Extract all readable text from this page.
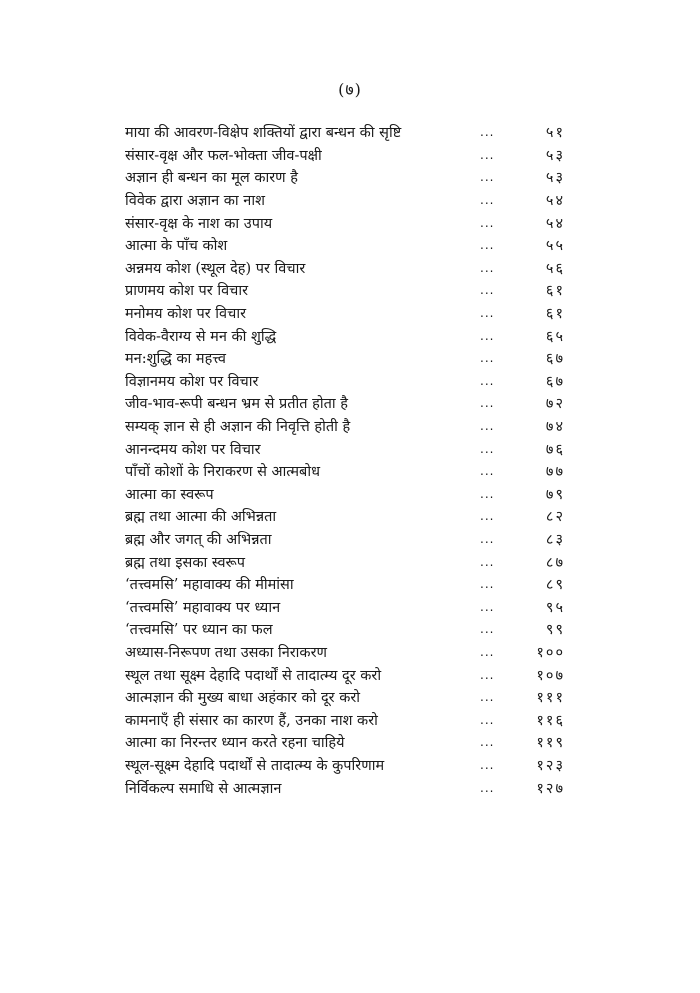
(७)
माया की आवरण-विक्षेप शक्तियों द्वारा बन्धन की सृष्टि	...	५१
संसार-वृक्ष और फल-भोक्ता जीव-पक्षी	...	५३
अज्ञान ही बन्धन का मूल कारण है	...	५३
विवेक द्वारा अज्ञान का नाश	...	५४
संसार-वृक्ष के नाश का उपाय	...	५४
आत्मा के पाँच कोश	...	५५
अन्नमय कोश (स्थूल देह) पर विचार	...	५६
प्राणमय कोश पर विचार	...	६१
मनोमय कोश पर विचार	...	६१
विवेक-वैराग्य से मन की शुद्धि	...	६५
मन:शुद्धि का महत्त्व	...	६७
विज्ञानमय कोश पर विचार	...	६७
जीव-भाव-रूपी बन्धन भ्रम से प्रतीत होता है	...	७२
सम्यक् ज्ञान से ही अज्ञान की निवृत्ति होती है	...	७४
आनन्दमय कोश पर विचार	...	७६
पाँचों कोशों के निराकरण से आत्मबोध	...	७७
आत्मा का स्वरूप	...	७९
ब्रह्म तथा आत्मा की अभिन्नता	...	८२
ब्रह्म और जगत् की अभिन्नता	...	८३
ब्रह्म तथा इसका स्वरूप	...	८७
‘तत्त्वमसि’ महावाक्य की मीमांसा	...	८९
‘तत्त्वमसि’ महावाक्य पर ध्यान	...	९५
‘तत्त्वमसि’ पर ध्यान का फल	...	९९
अध्यास-निरूपण तथा उसका निराकरण	...	१००
स्थूल तथा सूक्ष्म देहादि पदार्थों से तादात्म्य दूर करो	...	१०७
आत्मज्ञान की मुख्य बाधा अहंकार को दूर करो	...	१११
कामनाएँ ही संसार का कारण हैं, उनका नाश करो	...	११६
आत्मा का निरन्तर ध्यान करते रहना चाहिये	...	११९
स्थूल-सूक्ष्म देहादि पदार्थों से तादात्म्य के कुपरिणाम	...	१२३
निर्विकल्प समाधि से आत्मज्ञान	...	१२७
